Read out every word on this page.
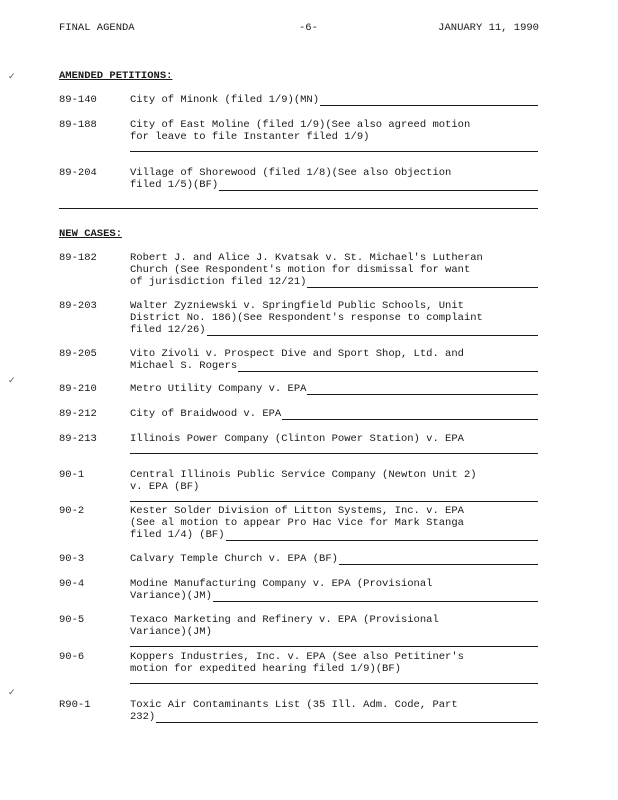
FINAL AGENDA	-6-	JANUARY 11, 1990
✓
✓
✓
AMENDED PETITIONS:
89-140	City of Minonk (filed 1/9)(MN)
89-188	City of East Moline (filed 1/9)(See also agreed motion
for leave to file Instanter filed 1/9)
89-204	Village of Shorewood (filed 1/8)(See also Objection
filed 1/5)(BF)
NEW CASES:
89-182	Robert J. and Alice J. Kvatsak v. St. Michael's Lutheran
Church (See Respondent's motion for dismissal for want
of jurisdiction filed 12/21)
89-203	Walter Zyzniewski v. Springfield Public Schools, Unit
District No. 186)(See Respondent's response to complaint
filed 12/26)
89-205	Vito Zivoli v. Prospect Dive and Sport Shop, Ltd. and
Michael S. Rogers
89-210	Metro Utility Company v. EPA
89-212	City of Braidwood v. EPA
89-213	Illinois Power Company (Clinton Power Station) v. EPA
90-1	Central Illinois Public Service Company (Newton Unit 2)
v. EPA (BF)
90-2	Kester Solder Division of Litton Systems, Inc. v. EPA
(See al motion to appear Pro Hac Vice for Mark Stanga
filed 1/4) (BF)
90-3	Calvary Temple Church v. EPA (BF)
90-4	Modine Manufacturing Company v. EPA (Provisional
Variance)(JM)
90-5	Texaco Marketing and Refinery v. EPA (Provisional
Variance)(JM)
90-6	Koppers Industries, Inc. v. EPA (See also Petitiner's
motion for expedited hearing filed 1/9)(BF)
R90-1	Toxic Air Contaminants List (35 Ill. Adm. Code, Part
232)
